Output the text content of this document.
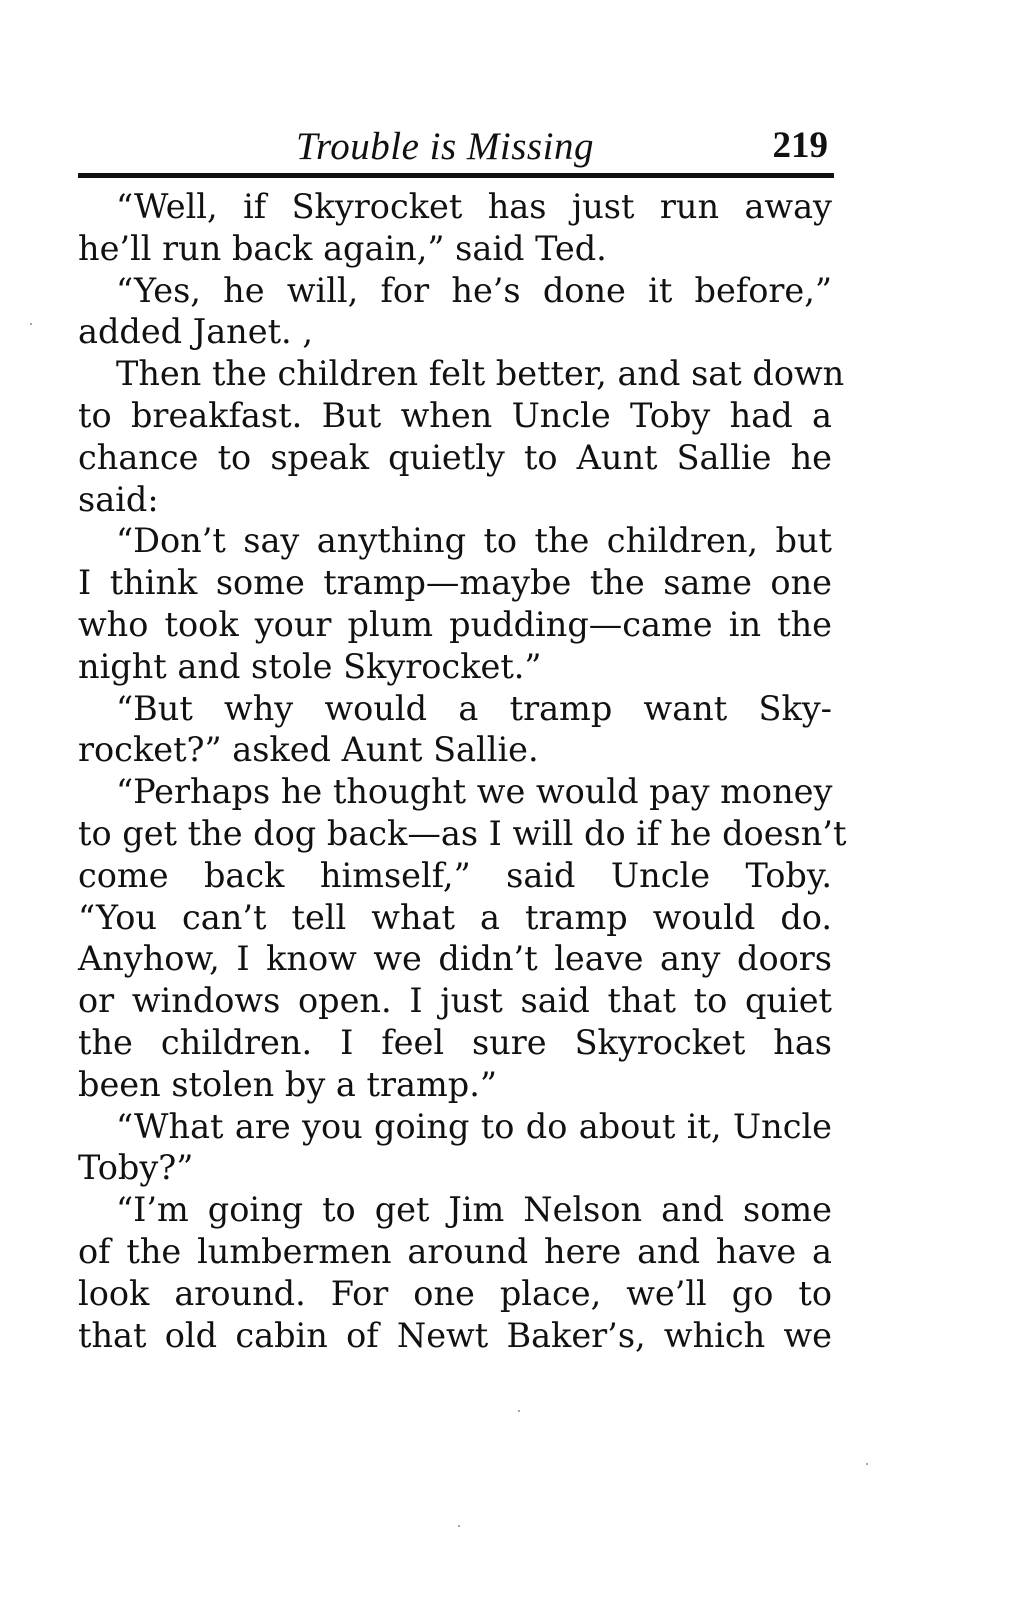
Trouble is Missing	219
“Well, if Skyrocket has just run away
he’ll run back again,” said Ted.
“Yes, he will, for he’s done it before,”
added Janet. ,
Then the children felt better, and sat down
to breakfast. But when Uncle Toby had a
chance to speak quietly to Aunt Sallie he
said:
“Don’t say anything to the children, but
I think some tramp—maybe the same one
who took your plum pudding—came in the
night and stole Skyrocket.”
“But why would a tramp want Sky-
rocket?” asked Aunt Sallie.
“Perhaps he thought we would pay money
to get the dog back—as I will do if he doesn’t
come back himself,” said Uncle Toby.
“You can’t tell what a tramp would do.
Anyhow, I know we didn’t leave any doors
or windows open. I just said that to quiet
the children. I feel sure Skyrocket has
been stolen by a tramp.”
“What are you going to do about it, Uncle
Toby?”
“I’m going to get Jim Nelson and some
of the lumbermen around here and have a
look around. For one place, we’ll go to
that old cabin of Newt Baker’s, which we
